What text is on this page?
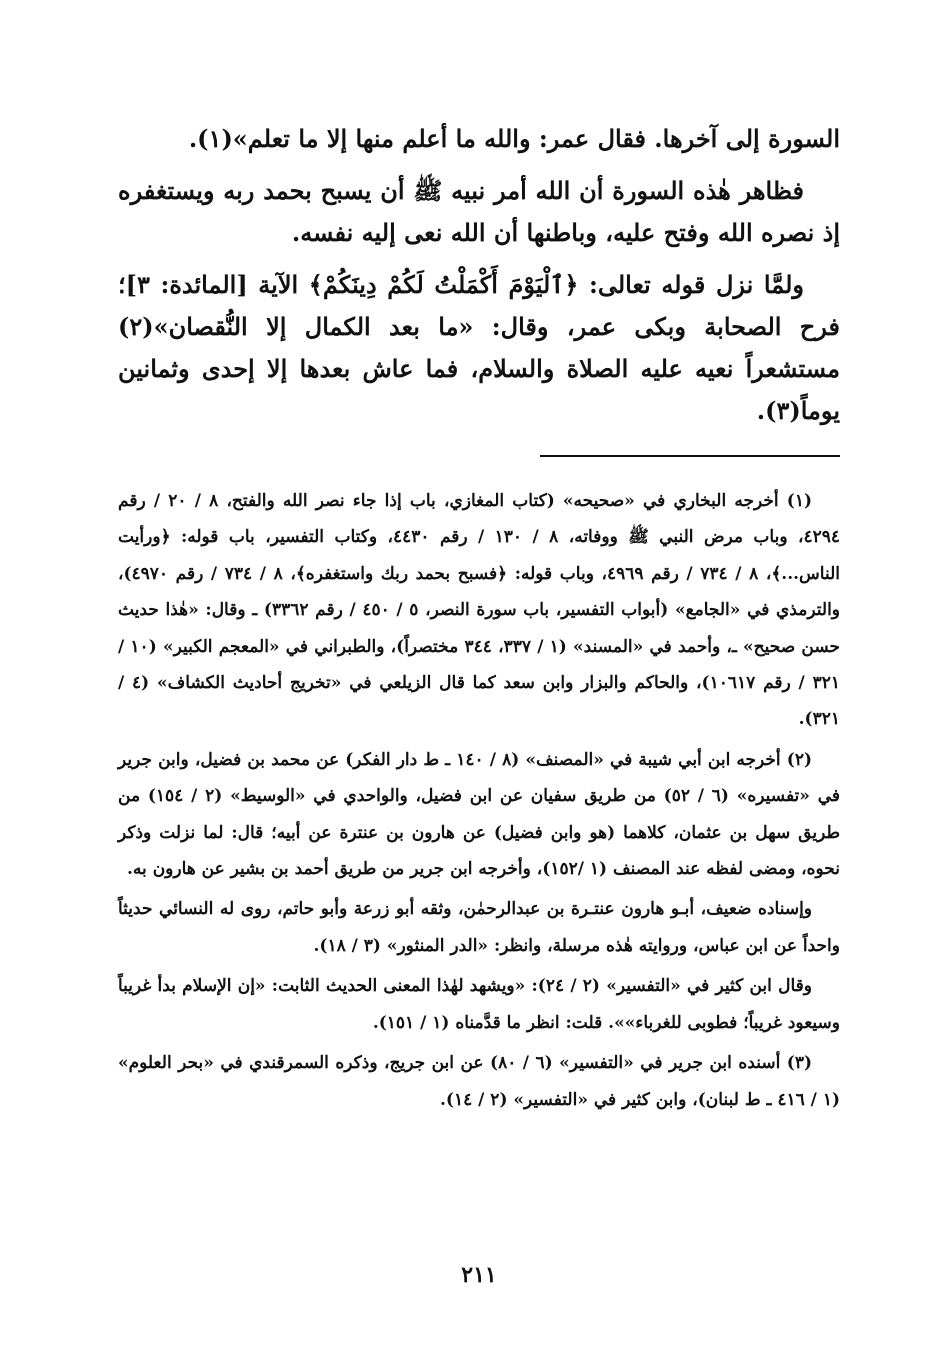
السورة إلى آخرها. فقال عمر: والله ما أعلم منها إلا ما تعلم»(١).

فظاهر هٰذه السورة أن الله أمر نبيه ﷺ أن يسبح بحمد ربه ويستغفره إذ نصره الله وفتح عليه، وباطنها أن الله نعى إليه نفسه.

ولمَّا نزل قوله تعالى: ﴿ٱلْيَوْمَ أَكْمَلْتُ لَكُمْ دِينَكُمْ﴾ الآية [المائدة: ٣]؛ فرح الصحابة وبكى عمر، وقال: «ما بعد الكمال إلا النُّقصان»(٢) مستشعراً نعيه عليه الصلاة والسلام، فما عاش بعدها إلا إحدى وثمانين يوماً(٣).

(١) أخرجه البخاري في «صحيحه» (كتاب المغازي، باب إذا جاء نصر الله والفتح، ٨ / ٢٠ / رقم ٤٢٩٤، وباب مرض النبي ﷺ ووفاته، ٨ / ١٣٠ / رقم ٤٤٣٠، وكتاب التفسير، باب قوله: ﴿ورأيت الناس...﴾، ٨ / ٧٣٤ / رقم ٤٩٦٩، وباب قوله: ﴿فسبح بحمد ربك واستغفره﴾، ٨ / ٧٣٤ / رقم ٤٩٧٠)، والترمذي في «الجامع» (أبواب التفسير، باب سورة النصر، ٥ / ٤٥٠ / رقم ٣٣٦٢) ـ وقال: «هٰذا حديث حسن صحيح» ـ، وأحمد في «المسند» (١ / ٣٣٧، ٣٤٤ مختصراً)، والطبراني في «المعجم الكبير» (١٠ / ٣٢١ / رقم ١٠٦١٧)، والحاكم والبزار وابن سعد كما قال الزيلعي في «تخريج أحاديث الكشاف» (٤ / ٣٢١).

(٢) أخرجه ابن أبي شيبة في «المصنف» (٨ / ١٤٠ ـ ط دار الفكر) عن محمد بن فضيل، وابن جرير في «تفسيره» (٦ / ٥٢) من طريق سفيان عن ابن فضيل، والواحدي في «الوسيط» (٢ / ١٥٤) من طريق سهل بن عثمان، كلاهما (هو وابن فضيل) عن هارون بن عنترة عن أبيه؛ قال: لما نزلت وذكر نحوه، ومضى لفظه عند المصنف (١ /١٥٢)، وأخرجه ابن جرير من طريق أحمد بن بشير عن هارون به.

وإسناده ضعيف، أبـو هارون عنتـرة بن عبدالرحمٰن، وثقه أبو زرعة وأبو حاتم، روى له النسائي حديثاً واحداً عن ابن عباس، وروايته هٰذه مرسلة، وانظر: «الدر المنثور» (٣ / ١٨).

وقال ابن كثير في «التفسير» (٢ / ٢٤): «ويشهد لهٰذا المعنى الحديث الثابت: «إن الإسلام بدأ غريباً وسيعود غريباً؛ فطوبى للغرباء»». قلت: انظر ما قدَّمناه (١ / ١٥١).

(٣) أسنده ابن جرير في «التفسير» (٦ / ٨٠) عن ابن جريج، وذكره السمرقندي في «بحر العلوم» (١ / ٤١٦ ـ ط لبنان)، وابن كثير في «التفسير» (٢ / ١٤).

٢١١
